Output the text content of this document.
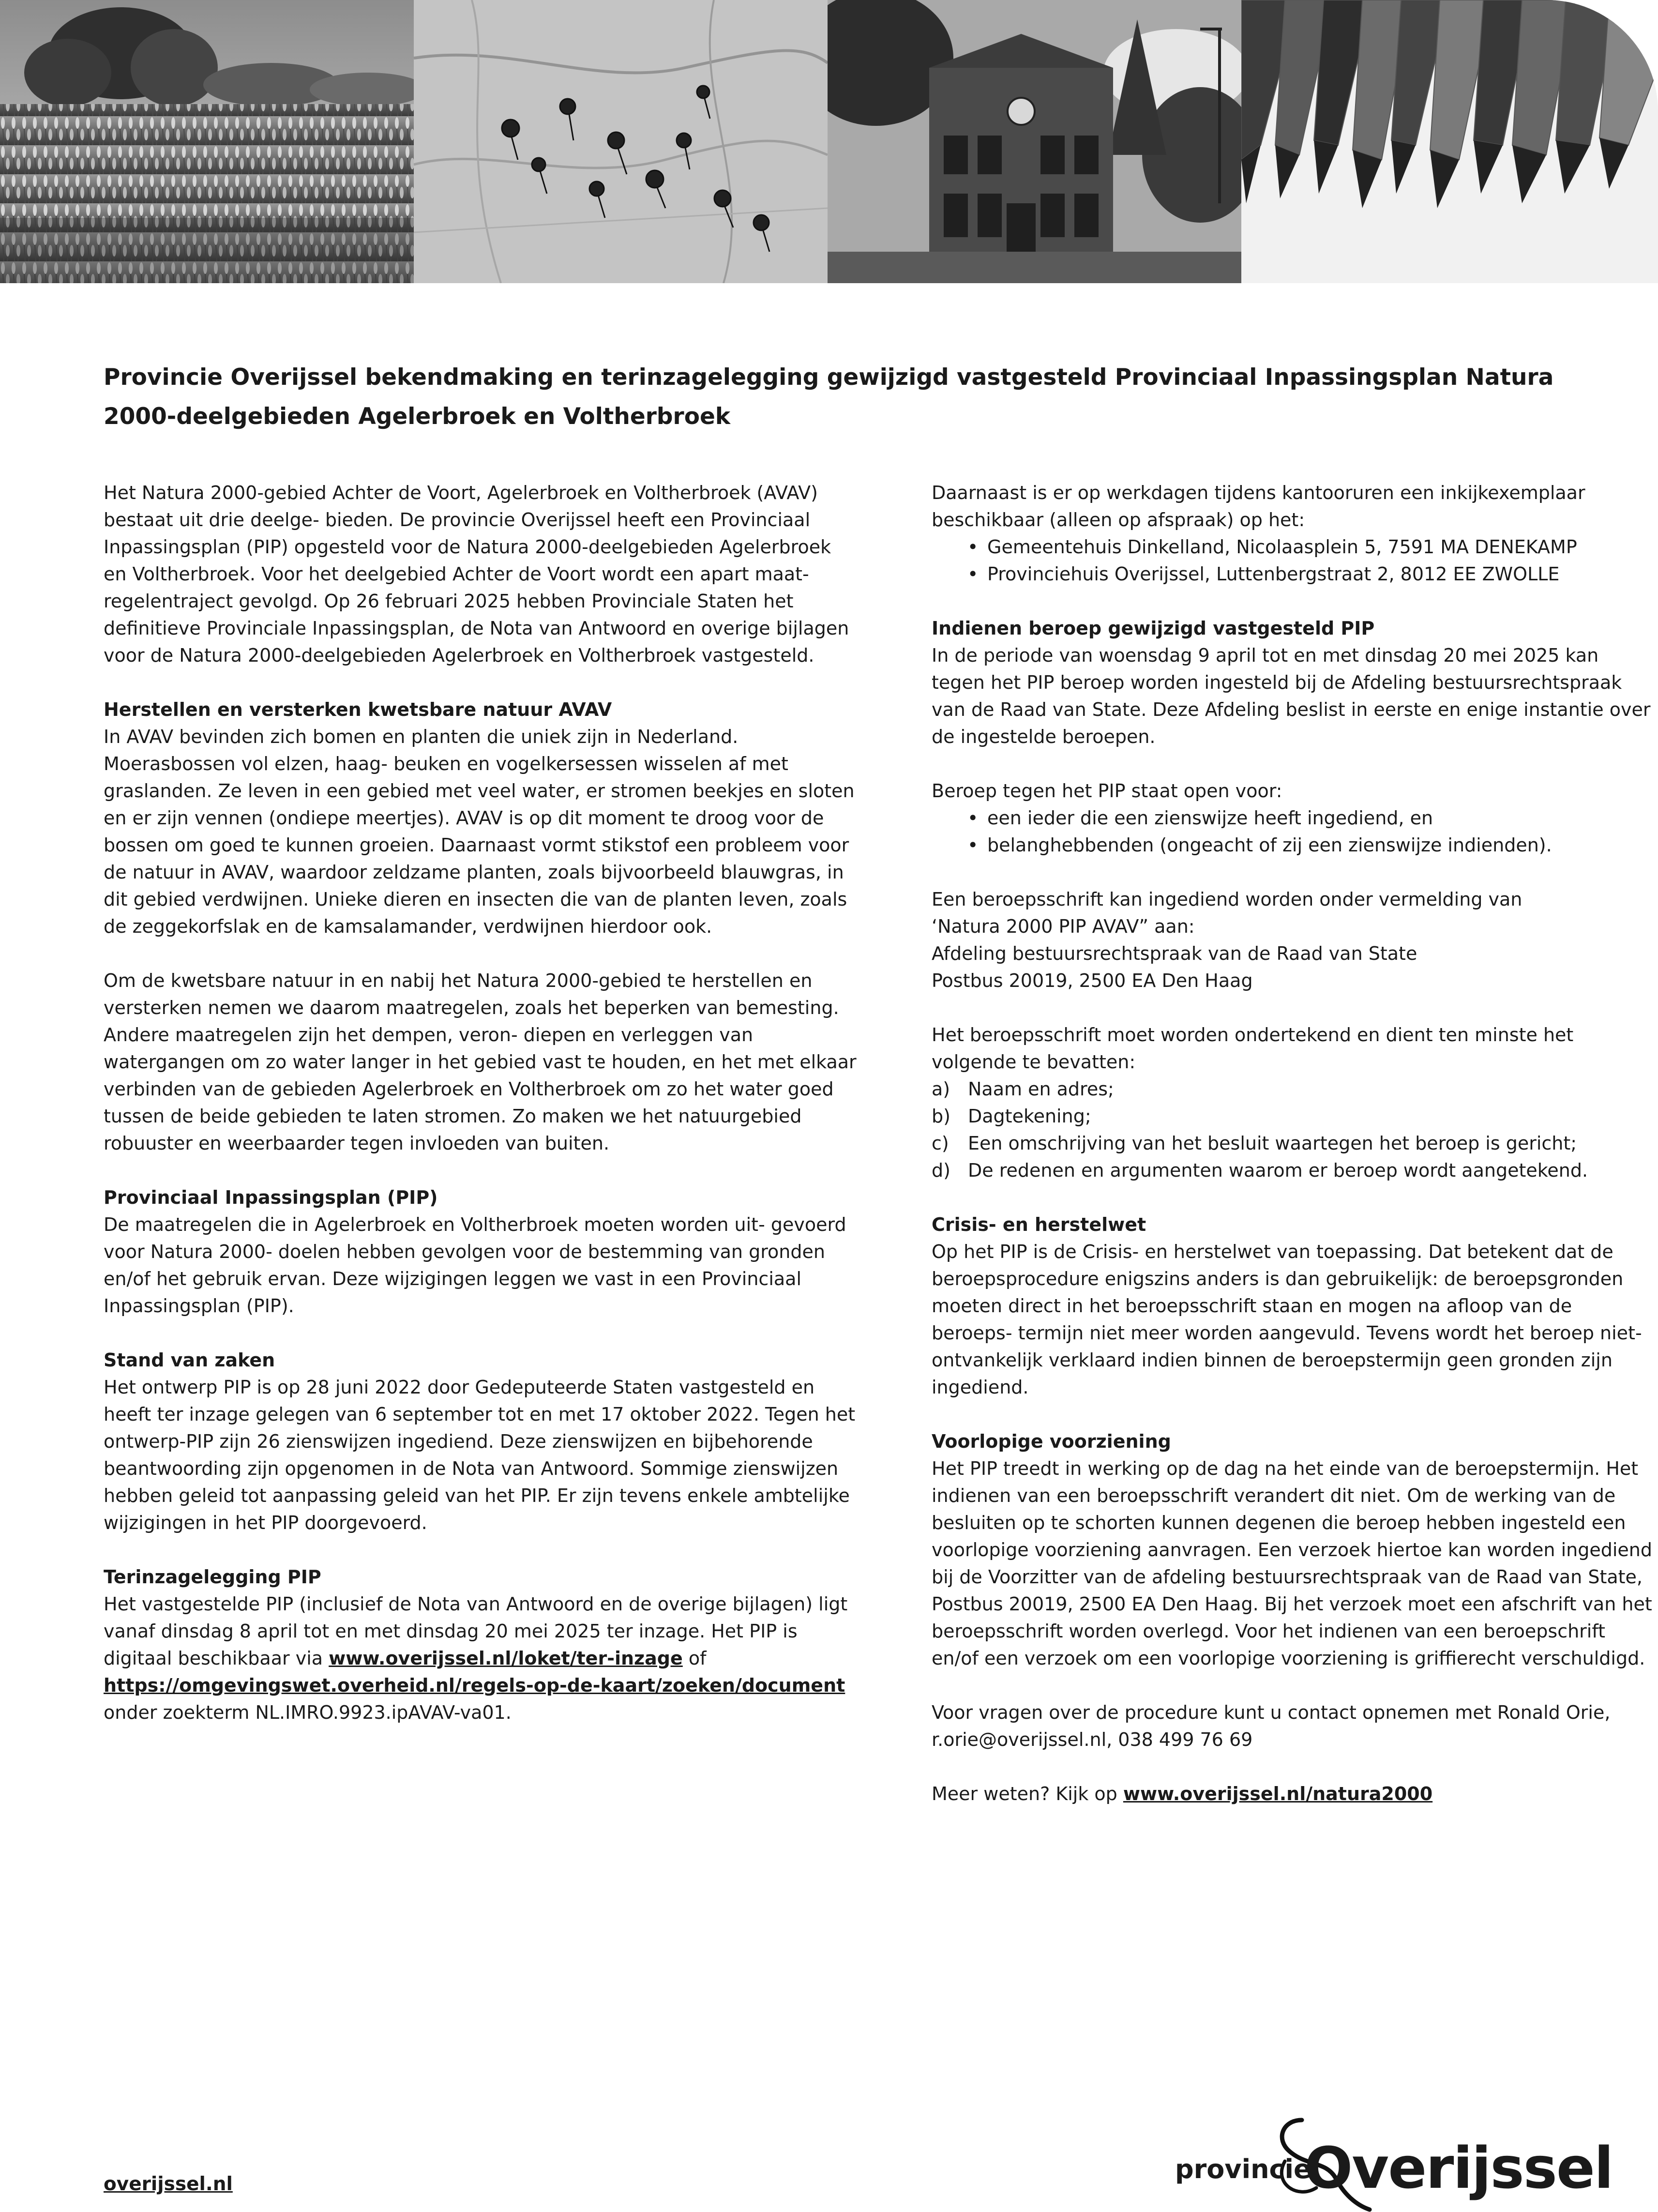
Provincie Overijssel bekendmaking en terinzagelegging gewijzigd vastgesteld Provinciaal Inpassingsplan Natura 2000-deelgebieden Agelerbroek en Voltherbroek

Het Natura 2000-gebied Achter de Voort, Agelerbroek en Voltherbroek (AVAV) bestaat uit drie deelge- bieden. De provincie Overijssel heeft een Provinciaal Inpassingsplan (PIP) opgesteld voor de Natura 2000-deelgebieden Agelerbroek en Voltherbroek. Voor het deelgebied Achter de Voort wordt een apart maat- regelentraject gevolgd. Op 26 februari 2025 hebben Provinciale Staten het definitieve Provinciale Inpassingsplan, de Nota van Antwoord en overige bijlagen voor de Natura 2000-deelgebieden Agelerbroek en Voltherbroek vastgesteld.

Herstellen en versterken kwetsbare natuur AVAV

In AVAV bevinden zich bomen en planten die uniek zijn in Nederland. Moerasbossen vol elzen, haag- beuken en vogelkersessen wisselen af met graslanden. Ze leven in een gebied met veel water, er stromen beekjes en sloten en er zijn vennen (ondiepe meertjes). AVAV is op dit moment te droog voor de bossen om goed te kunnen groeien. Daarnaast vormt stikstof een probleem voor de natuur in AVAV, waardoor zeldzame planten, zoals bijvoorbeeld blauwgras, in dit gebied verdwijnen. Unieke dieren en insecten die van de planten leven, zoals de zeggekorfslak en de kamsalamander, verdwijnen hierdoor ook.

Om de kwetsbare natuur in en nabij het Natura 2000-gebied te herstellen en versterken nemen we daarom maatregelen, zoals het beperken van bemesting. Andere maatregelen zijn het dempen, veron- diepen en verleggen van watergangen om zo water langer in het gebied vast te houden, en het met elkaar verbinden van de gebieden Agelerbroek en Voltherbroek om zo het water goed tussen de beide gebieden te laten stromen. Zo maken we het natuurgebied robuuster en weerbaarder tegen invloeden van buiten.

Provinciaal Inpassingsplan (PIP)

De maatregelen die in Agelerbroek en Voltherbroek moeten worden uit- gevoerd voor Natura 2000- doelen hebben gevolgen voor de bestemming van gronden en/of het gebruik ervan. Deze wijzigingen leggen we vast in een Provinciaal Inpassingsplan (PIP).

Stand van zaken

Het ontwerp PIP is op 28 juni 2022 door Gedeputeerde Staten vastgesteld en heeft ter inzage gelegen van 6 september tot en met 17 oktober 2022. Tegen het ontwerp-PIP zijn 26 zienswijzen ingediend. Deze zienswijzen en bijbehorende beantwoording zijn opgenomen in de Nota van Antwoord. Sommige zienswijzen hebben geleid tot aanpassing geleid van het PIP. Er zijn tevens enkele ambtelijke wijzigingen in het PIP doorgevoerd.

Terinzagelegging PIP

Het vastgestelde PIP (inclusief de Nota van Antwoord en de overige bijlagen) ligt vanaf dinsdag 8 april tot en met dinsdag 20 mei 2025 ter inzage. Het PIP is digitaal beschikbaar via www.overijssel.nl/loket/ter-inzage of
https://omgevingswet.overheid.nl/regels-op-de-kaart/zoeken/document
onder zoekterm NL.IMRO.9923.ipAVAV-va01.

Daarnaast is er op werkdagen tijdens kantooruren een inkijkexemplaar beschikbaar (alleen op afspraak) op het:
• Gemeentehuis Dinkelland, Nicolaasplein 5, 7591 MA DENEKAMP
• Provinciehuis Overijssel, Luttenbergstraat 2, 8012 EE ZWOLLE
Indienen beroep gewijzigd vastgesteld PIP

In de periode van woensdag 9 april tot en met dinsdag 20 mei 2025 kan tegen het PIP beroep worden ingesteld bij de Afdeling bestuursrechtspraak van de Raad van State. Deze Afdeling beslist in eerste en enige instantie over de ingestelde beroepen.

Beroep tegen het PIP staat open voor:
• een ieder die een zienswijze heeft ingediend, en
• belanghebbenden (ongeacht of zij een zienswijze indienden).

Een beroepsschrift kan ingediend worden onder vermelding van
‘Natura 2000 PIP AVAV” aan:
Afdeling bestuursrechtspraak van de Raad van State
Postbus 20019, 2500 EA Den Haag

Het beroepsschrift moet worden ondertekend en dient ten minste het volgende te bevatten:
a) Naam en adres;
b) Dagtekening;
c) Een omschrijving van het besluit waartegen het beroep is gericht;
d) De redenen en argumenten waarom er beroep wordt aangetekend.
Crisis- en herstelwet

Op het PIP is de Crisis- en herstelwet van toepassing. Dat betekent dat de beroepsprocedure enigszins anders is dan gebruikelijk: de beroepsgronden moeten direct in het beroepsschrift staan en mogen na afloop van de beroeps- termijn niet meer worden aangevuld. Tevens wordt het beroep niet-ontvankelijk verklaard indien binnen de beroepstermijn geen gronden zijn ingediend.

Voorlopige voorziening

Het PIP treedt in werking op de dag na het einde van de beroepstermijn. Het indienen van een beroepsschrift verandert dit niet. Om de werking van de besluiten op te schorten kunnen degenen die beroep hebben ingesteld een voorlopige voorziening aanvragen. Een verzoek hiertoe kan worden ingediend bij de Voorzitter van de afdeling bestuursrechtspraak van de Raad van State, Postbus 20019, 2500 EA Den Haag. Bij het verzoek moet een afschrift van het beroepsschrift worden overlegd. Voor het indienen van een beroepschrift en/of een verzoek om een voorlopige voorziening is griffierecht verschuldigd.

Voor vragen over de procedure kunt u contact opnemen met Ronald Orie,
r.orie@overijssel.nl, 038 499 76 69

Meer weten? Kijk op www.overijssel.nl/natura2000

overijssel.nl	provincie
Overijssel
